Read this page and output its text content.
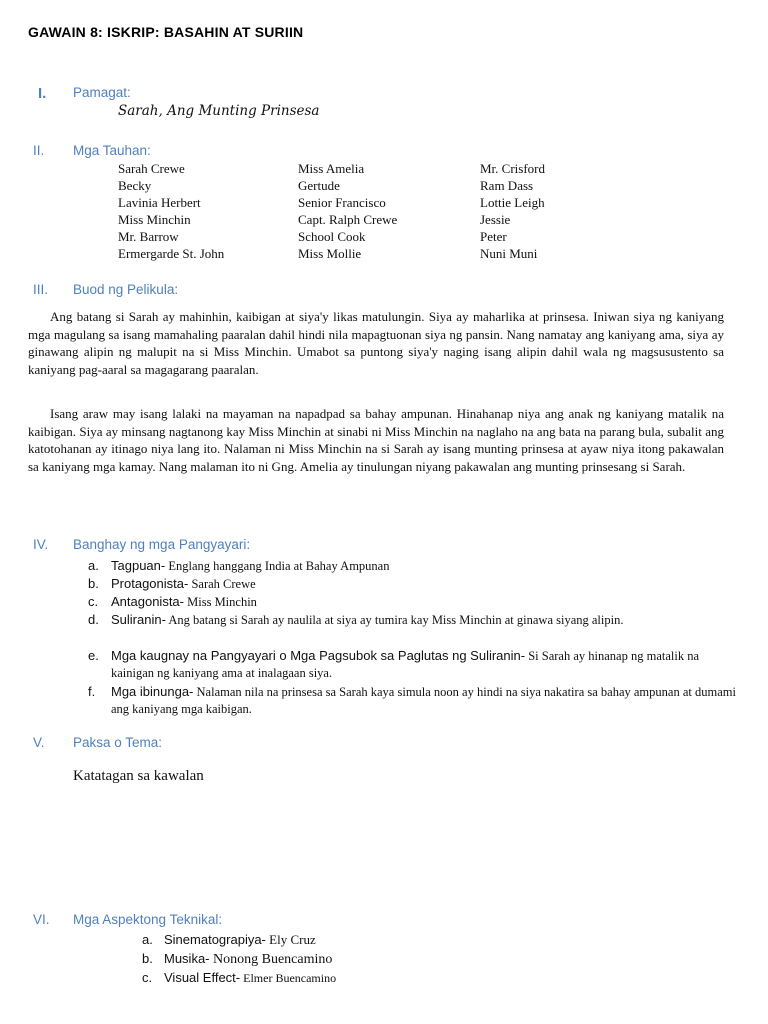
GAWAIN 8: ISKRIP: BASAHIN AT SURIIN
I. Pamagat:
Sarah, Ang Munting Prinsesa
II. Mga Tauhan:
Sarah Crewe
Becky
Lavinia Herbert
Miss Minchin
Mr. Barrow
Ermergarde St. John
Miss Amelia
Gertude
Senior Francisco
Capt. Ralph Crewe
School Cook
Miss Mollie
Mr. Crisford
Ram Dass
Lottie Leigh
Jessie
Peter
Nuni Muni
III. Buod ng Pelikula:

Ang batang si Sarah ay mahinhin, kaibigan at siya'y likas matulungin. Siya ay maharlika at prinsesa. Iniwan siya ng kaniyang mga magulang sa isang mamahaling paaralan dahil hindi nila mapagtuonan siya ng pansin. Nang namatay ang kaniyang ama, siya ay ginawang alipin ng malupit na si Miss Minchin. Umabot sa puntong siya'y naging isang alipin dahil wala ng magsusustento sa kaniyang pag-aaral sa magagarang paaralan.

Isang araw may isang lalaki na mayaman na napadpad sa bahay ampunan. Hinahanap niya ang anak ng kaniyang matalik na kaibigan. Siya ay minsang nagtanong kay Miss Minchin at sinabi ni Miss Minchin na naglaho na ang bata na parang bula, subalit ang katotohanan ay itinago niya lang ito. Nalaman ni Miss Minchin na si Sarah ay isang munting prinsesa at ayaw niya itong pakawalan sa kaniyang mga kamay. Nang malaman ito ni Gng. Amelia ay tinulungan niyang pakawalan ang munting prinsesang si Sarah.

IV. Banghay ng mga Pangyayari:
a. Tagpuan- Englang hanggang India at Bahay Ampunan
b. Protagonista- Sarah Crewe
c. Antagonista- Miss Minchin
d. Suliranin- Ang batang si Sarah ay naulila at siya ay tumira kay Miss Minchin at ginawa siyang alipin.
e. Mga kaugnay na Pangyayari o Mga Pagsubok sa Paglutas ng Suliranin- Si Sarah ay hinanap ng matalik na kainigan ng kaniyang ama at inalagaan siya.
f. Mga ibinunga- Nalaman nila na prinsesa sa Sarah kaya simula noon ay hindi na siya nakatira sa bahay ampunan at dumami ang kaniyang mga kaibigan.
V. Paksa o Tema:
Katatagan sa kawalan
VI. Mga Aspektong Teknikal:
a. Sinematograpiya- Ely Cruz
b. Musika- Nonong Buencamino
c. Visual Effect- Elmer Buencamino
